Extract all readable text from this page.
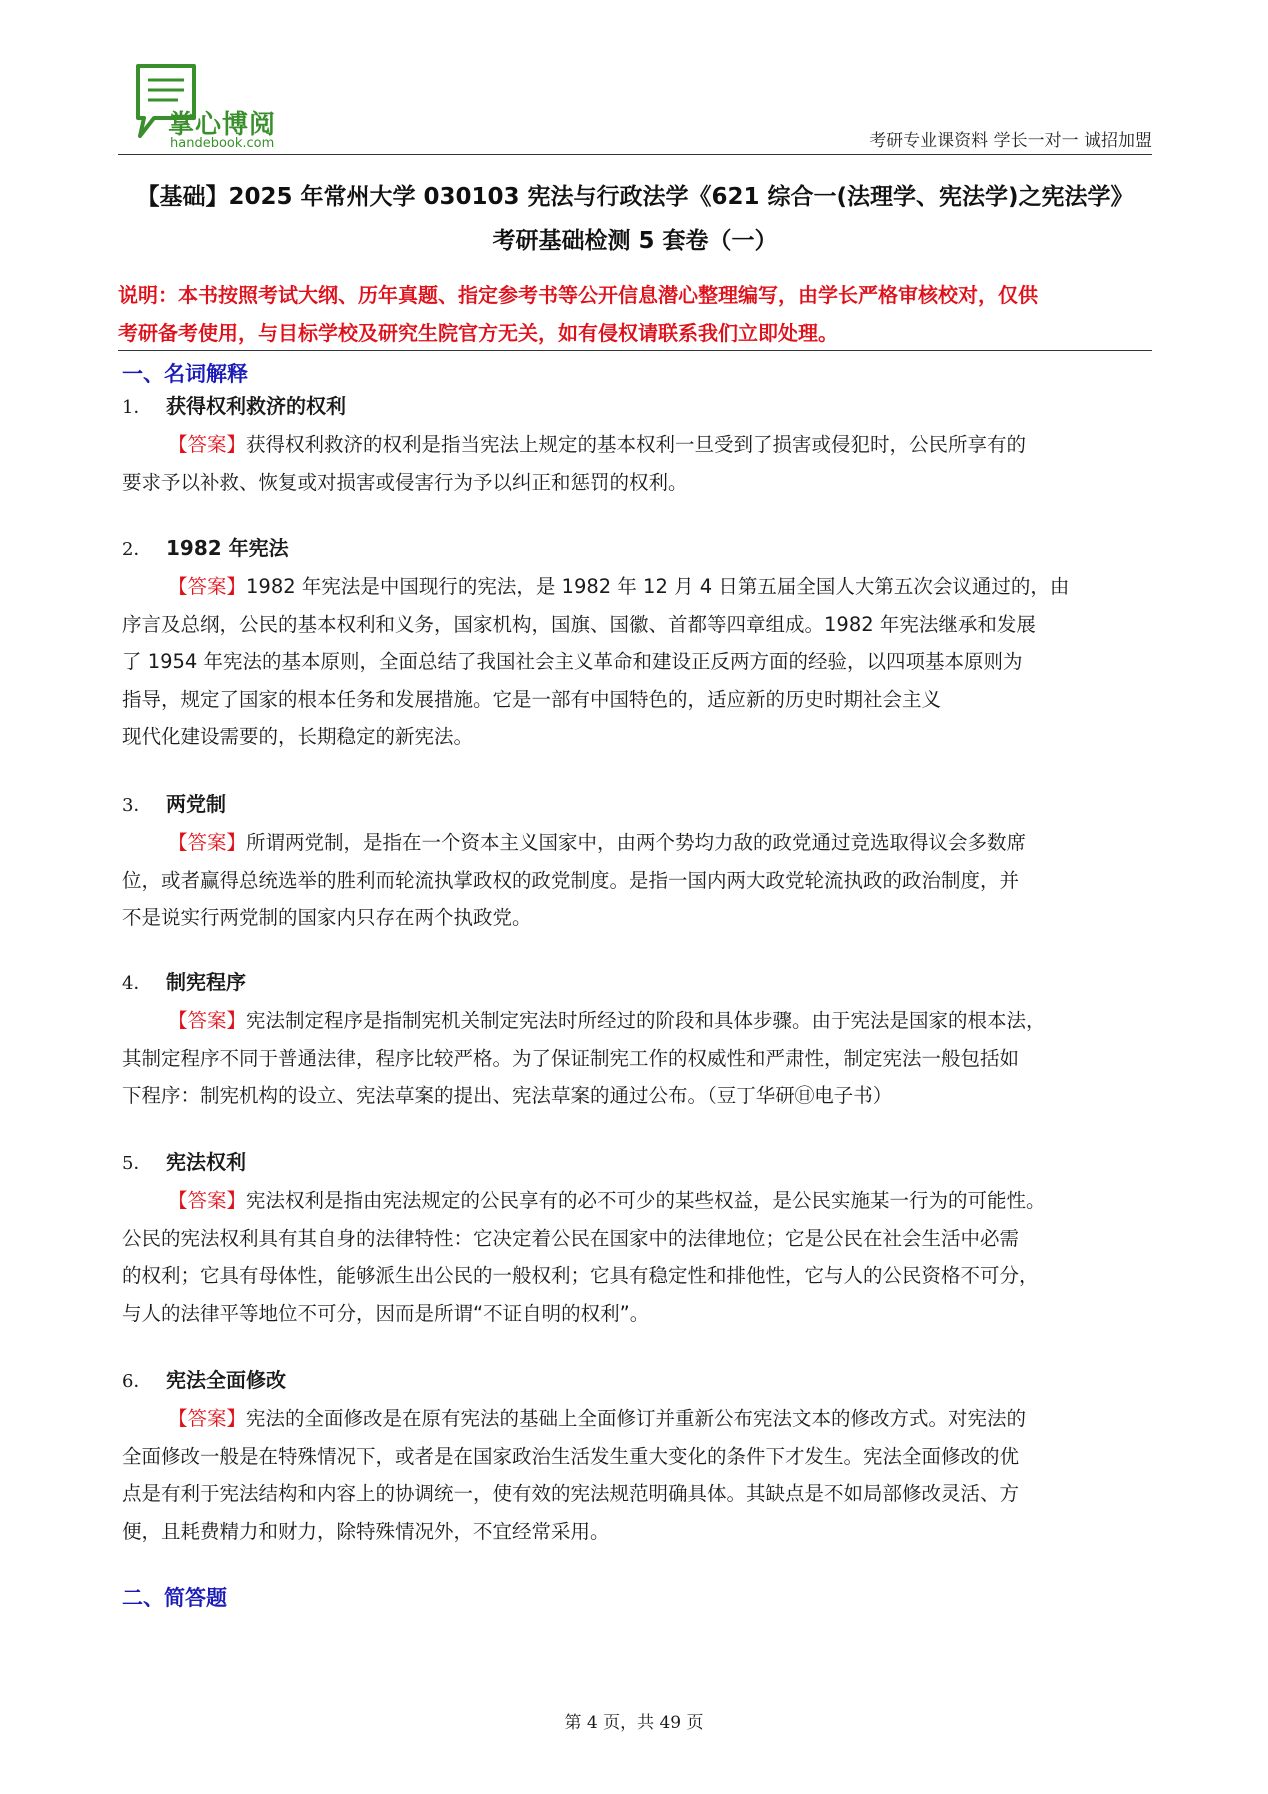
掌心博阅
handebook.com	考研专业课资料 学长一对一 诚招加盟
【基础】2025 年常州大学 030103 宪法与行政法学《621 综合一(法理学、宪法学)之宪法学》
考研基础检测 5 套卷（一）
说明：本书按照考试大纲、历年真题、指定参考书等公开信息潜心整理编写，由学长严格审核校对，仅供
考研备考使用，与目标学校及研究生院官方无关，如有侵权请联系我们立即处理。
一、名词解释
1． 获得权利救济的权利
【答案】获得权利救济的权利是指当宪法上规定的基本权利一旦受到了损害或侵犯时，公民所享有的
要求予以补救、恢复或对损害或侵害行为予以纠正和惩罚的权利。
2． 1982 年宪法
【答案】1982 年宪法是中国现行的宪法，是 1982 年 12 月 4 日第五届全国人大第五次会议通过的，由
序言及总纲，公民的基本权利和义务，国家机构，国旗、国徽、首都等四章组成。1982 年宪法继承和发展
了 1954 年宪法的基本原则，全面总结了我国社会主义革命和建设正反两方面的经验，以四项基本原则为
指导，规定了国家的根本任务和发展措施。它是一部有中国特色的，适应新的历史时期社会主义
现代化建设需要的，长期稳定的新宪法。
3． 两党制
【答案】所谓两党制，是指在一个资本主义国家中，由两个势均力敌的政党通过竞选取得议会多数席
位，或者赢得总统选举的胜利而轮流执掌政权的政党制度。是指一国内两大政党轮流执政的政治制度，并
不是说实行两党制的国家内只存在两个执政党。
4． 制宪程序
【答案】宪法制定程序是指制宪机关制定宪法时所经过的阶段和具体步骤。由于宪法是国家的根本法，
其制定程序不同于普通法律，程序比较严格。为了保证制宪工作的权威性和严肃性，制定宪法一般包括如
下程序：制宪机构的设立、宪法草案的提出、宪法草案的通过公布。（豆丁华研㊐电子书）
5． 宪法权利
【答案】宪法权利是指由宪法规定的公民享有的必不可少的某些权益，是公民实施某一行为的可能性。
公民的宪法权利具有其自身的法律特性：它决定着公民在国家中的法律地位；它是公民在社会生活中必需
的权利；它具有母体性，能够派生出公民的一般权利；它具有稳定性和排他性，它与人的公民资格不可分，
与人的法律平等地位不可分，因而是所谓“不证自明的权利”。
6． 宪法全面修改
【答案】宪法的全面修改是在原有宪法的基础上全面修订并重新公布宪法文本的修改方式。对宪法的
全面修改一般是在特殊情况下，或者是在国家政治生活发生重大变化的条件下才发生。宪法全面修改的优
点是有利于宪法结构和内容上的协调统一，使有效的宪法规范明确具体。其缺点是不如局部修改灵活、方
便，且耗费精力和财力，除特殊情况外，不宜经常采用。
二、简答题
第 4 页，共 49 页
